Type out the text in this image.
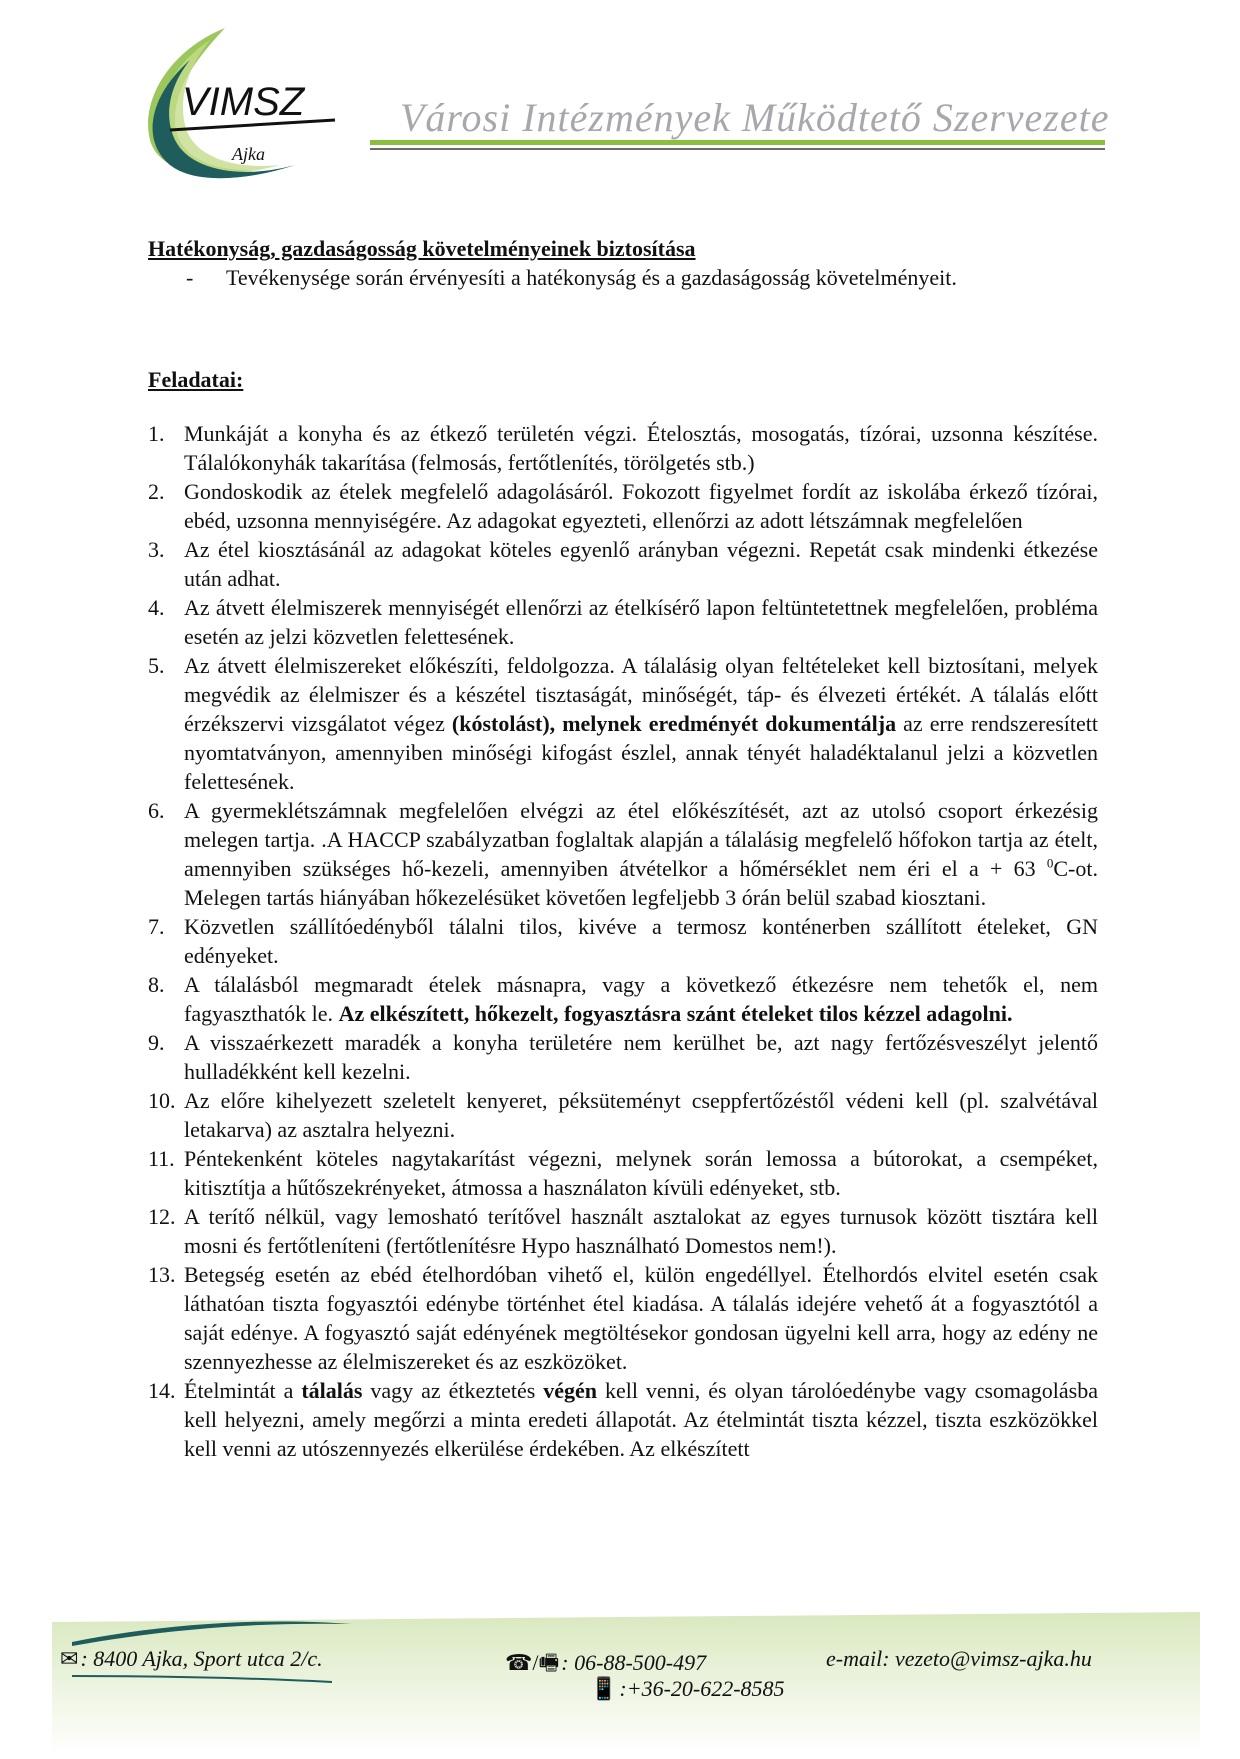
VIMSZ
Ajka
Városi Intézmények Működtető Szervezete

Hatékonyság, gazdaságosság követelményeinek biztosítása

-	Tevékenysége során érvényesíti a hatékonyság és a gazdaságosság követelményeit.

Feladatai:

1. Munkáját a konyha és az étkező területén végzi. Ételosztás, mosogatás, tízórai, uzsonna készítése. Tálalókonyhák takarítása (felmosás, fertőtlenítés, törölgetés stb.)
2. Gondoskodik az ételek megfelelő adagolásáról. Fokozott figyelmet fordít az iskolába érkező tízórai, ebéd, uzsonna mennyiségére. Az adagokat egyezteti, ellenőrzi az adott létszámnak megfelelően
3. Az étel kiosztásánál az adagokat köteles egyenlő arányban végezni. Repetát csak mindenki étkezése után adhat.
4. Az átvett élelmiszerek mennyiségét ellenőrzi az ételkísérő lapon feltüntetettnek megfelelően, probléma esetén az jelzi közvetlen felettesének.
5. Az átvett élelmiszereket előkészíti, feldolgozza. A tálalásig olyan feltételeket kell biztosítani, melyek megvédik az élelmiszer és a készétel tisztaságát, minőségét, táp- és élvezeti értékét. A tálalás előtt érzékszervi vizsgálatot végez (kóstolást), melynek eredményét dokumentálja az erre rendszeresített nyomtatványon, amennyiben minőségi kifogást észlel, annak tényét haladéktalanul jelzi a közvetlen felettesének.
6. A gyermeklétszámnak megfelelően elvégzi az étel előkészítését, azt az utolsó csoport érkezésig melegen tartja. .A HACCP szabályzatban foglaltak alapján a tálalásig megfelelő hőfokon tartja az ételt, amennyiben szükséges hő-kezeli, amennyiben átvételkor a hőmérséklet nem éri el a + 63 $^0$C-ot. Melegen tartás hiányában hőkezelésüket követően legfeljebb 3 órán belül szabad kiosztani.
7. Közvetlen szállítóedényből tálalni tilos, kivéve a termosz konténerben szállított ételeket, GN edényeket.
8. A tálalásból megmaradt ételek másnapra, vagy a következő étkezésre nem tehetők el, nem fagyaszthatók le. Az elkészített, hőkezelt, fogyasztásra szánt ételeket tilos kézzel adagolni.
9. A visszaérkezett maradék a konyha területére nem kerülhet be, azt nagy fertőzésveszélyt jelentő hulladékként kell kezelni.
10. Az előre kihelyezett szeletelt kenyeret, péksüteményt cseppfertőzéstől védeni kell (pl. szalvétával letakarva) az asztalra helyezni.
11. Péntekenként köteles nagytakarítást végezni, melynek során lemossa a bútorokat, a csempéket, kitisztítja a hűtőszekrényeket, átmossa a használaton kívüli edényeket, stb.
12. A terítő nélkül, vagy lemosható terítővel használt asztalokat az egyes turnusok között tisztára kell mosni és fertőtleníteni (fertőtlenítésre Hypo használható Domestos nem!).
13. Betegség esetén az ebéd ételhordóban vihető el, külön engedéllyel. Ételhordós elvitel esetén csak láthatóan tiszta fogyasztói edénybe történhet étel kiadása. A tálalás idejére vehető át a fogyasztótól a saját edénye. A fogyasztó saját edényének megtöltésekor gondosan ügyelni kell arra, hogy az edény ne szennyezhesse az élelmiszereket és az eszközöket.
14. Ételmintát a tálalás vagy az étkeztetés végén kell venni, és olyan tárolóedénybe vagy csomagolásba kell helyezni, amely megőrzi a minta eredeti állapotát. Az ételmintát tiszta kézzel, tiszta eszközökkel kell venni az utószennyezés elkerülése érdekében. Az elkészített
✉: 8400 Ajka, Sport utca 2/c.	☎/🖷: 06-88-500-497	e-mail: vezeto@vimsz-ajka.hu
📱:+36-20-622-8585
